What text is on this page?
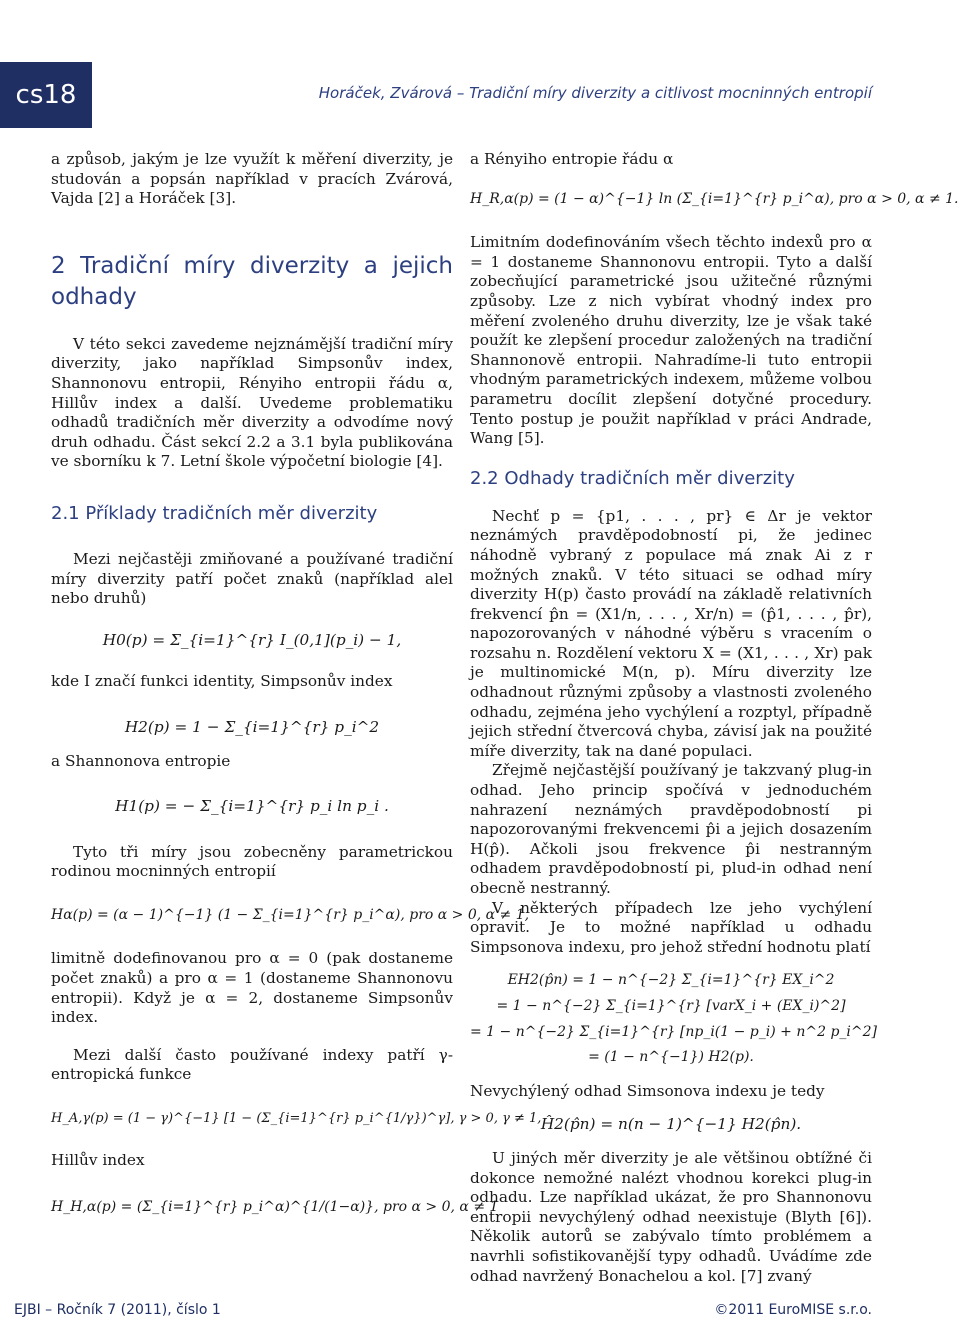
cs18	Horáček, Zvárová – Tradiční míry diverzity a citlivost mocninných entropií

a způsob, jakým je lze využít k měření diverzity, je studován a popsán například v pracích Zvárová, Vajda [2] a Horáček [3].

2 Tradiční míry diverzity a jejich odhady

V této sekci zavedeme nejznámější tradiční míry diverzity, jako například Simpsonův index, Shannonovu entropii, Rényiho entropii řádu α, Hillův index a další. Uvedeme problematiku odhadů tradičních měr diverzity a odvodíme nový druh odhadu. Část sekcí 2.2 a 3.1 byla publikována ve sborníku k 7. Letní škole výpočetní biologie [4].

2.1 Příklady tradičních měr diverzity

Mezi nejčastěji zmiňované a používané tradiční míry diverzity patří počet znaků (například alel nebo druhů)

H0(p) = Σ_{i=1}^{r} I_(0,1](p_i) − 1,

kde I značí funkci identity, Simpsonův index

H2(p) = 1 − Σ_{i=1}^{r} p_i^2

a Shannonova entropie

H1(p) = − Σ_{i=1}^{r} p_i ln p_i .

Tyto tři míry jsou zobecněny parametrickou rodinou mocninných entropií

Hα(p) = (α − 1)^{−1} (1 − Σ_{i=1}^{r} p_i^α), pro α > 0, α ≠ 1,

limitně dodefinovanou pro α = 0 (pak dostaneme počet znaků) a pro α = 1 (dostaneme Shannonovu entropii). Když je α = 2, dostaneme Simpsonův index.

Mezi další často používané indexy patří γ-entropická funkce

H_A,γ(p) = (1 − γ)^{−1} [1 − (Σ_{i=1}^{r} p_i^{1/γ})^γ], γ > 0, γ ≠ 1,

Hillův index

H_H,α(p) = (Σ_{i=1}^{r} p_i^α)^{1/(1−α)}, pro α > 0, α ≠ 1

a Rényiho entropie řádu α

H_R,α(p) = (1 − α)^{−1} ln (Σ_{i=1}^{r} p_i^α), pro α > 0, α ≠ 1.

Limitním dodefinováním všech těchto indexů pro α = 1 dostaneme Shannonovu entropii. Tyto a další zobecňující parametrické jsou užitečné různými způsoby. Lze z nich vybírat vhodný index pro měření zvoleného druhu diverzity, lze je však také použít ke zlepšení procedur založených na tradiční Shannonově entropii. Nahradíme-li tuto entropii vhodným parametrických indexem, můžeme volbou parametru docílit zlepšení dotyčné procedury. Tento postup je použit například v práci Andrade, Wang [5].

2.2 Odhady tradičních měr diverzity

Nechť p = {p1, . . . , pr} ∈ Δr je vektor neznámých pravděpodobností pi, že jedinec náhodně vybraný z populace má znak Ai z r možných znaků. V této situaci se odhad míry diverzity H(p) často provádí na základě relativních frekvencí p̂n = (X1/n, . . . , Xr/n) = (p̂1, . . . , p̂r), napozorovaných v náhodné výběru s vracením o rozsahu n. Rozdělení vektoru X = (X1, . . . , Xr) pak je multinomické M(n, p). Míru diverzity lze odhadnout různými způsoby a vlastnosti zvoleného odhadu, zejména jeho vychýlení a rozptyl, případně jejich střední čtvercová chyba, závisí jak na použité míře diverzity, tak na dané populaci.

Zřejmě nejčastější používaný je takzvaný plug-in odhad. Jeho princip spočívá v jednoduchém nahrazení neznámých pravděpodobností pi napozorovanými frekvencemi p̂i a jejich dosazením H(p̂). Ačkoli jsou frekvence p̂i nestranným odhadem pravděpodobností pi, plud-in odhad není obecně nestranný.

V některých případech lze jeho vychýlení opravit. Je to možné například u odhadu Simpsonova indexu, pro jehož střední hodnotu platí

EH2(p̂n) = 1 − n^{−2} Σ_{i=1}^{r} EX_i^2
= 1 − n^{−2} Σ_{i=1}^{r} [varX_i + (EX_i)^2]
= 1 − n^{−2} Σ_{i=1}^{r} [np_i(1 − p_i) + n^2 p_i^2]
= (1 − n^{−1}) H2(p).

Nevychýlený odhad Simsonova indexu je tedy

Ĥ2(p̂n) = n(n − 1)^{−1} H2(p̂n).

U jiných měr diverzity je ale většinou obtížné či dokonce nemožné nalézt vhodnou korekci plug-in odhadu. Lze například ukázat, že pro Shannonovu entropii nevychýlený odhad neexistuje (Blyth [6]). Několik autorů se zabývalo tímto problémem a navrhli sofistikovanější typy odhadů. Uvádíme zde odhad navržený Bonachelou a kol. [7] zvaný

EJBI – Ročník 7 (2011), číslo 1	©2011 EuroMISE s.r.o.
